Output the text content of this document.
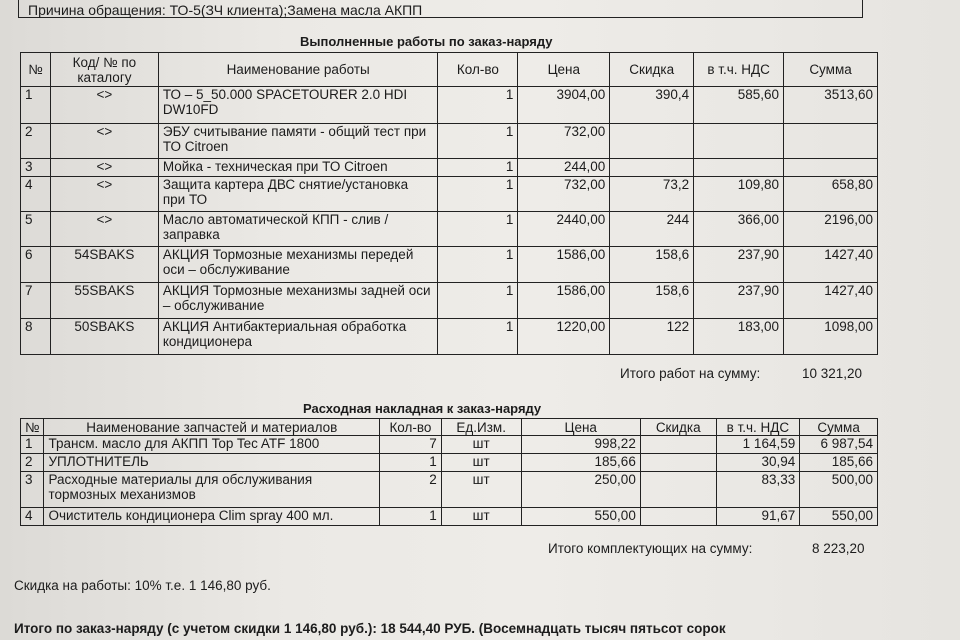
Причина обращения: ТО-5(ЗЧ клиента);Замена масла АКПП
Выполненные работы по заказ-наряду
№	Код/ № по каталогу	Наименование работы	Кол-во	Цена	Скидка	в т.ч. НДС	Сумма
1	<>	ТО – 5_50.000 SPACETOURER 2.0 HDI DW10FD	1	3904,00	390,4	585,60	3513,60
2	<>	ЭБУ считывание памяти - общий тест при ТО Citroen	1	732,00			
3	<>	Мойка - техническая при ТО Citroen	1	244,00			
4	<>	Защита картера ДВС снятие/установка при ТО	1	732,00	73,2	109,80	658,80
5	<>	Масло автоматической КПП - слив / заправка	1	2440,00	244	366,00	2196,00
6	54SBAKS	АКЦИЯ Тормозные механизмы передей оси – обслуживание	1	1586,00	158,6	237,90	1427,40
7	55SBAKS	АКЦИЯ Тормозные механизмы задней оси – обслуживание	1	1586,00	158,6	237,90	1427,40
8	50SBAKS	АКЦИЯ Антибактериальная обработка кондиционера	1	1220,00	122	183,00	1098,00
Итого работ на сумму:	10 321,20
Расходная накладная к заказ-наряду
№	Наименование запчастей и материалов	Кол-во	Ед.Изм.	Цена	Скидка	в т.ч. НДС	Сумма
1	Трансм. масло для АКПП Top Tec ATF 1800	7	шт	998,22		1 164,59	6 987,54
2	УПЛОТНИТЕЛЬ	1	шт	185,66		30,94	185,66
3	Расходные материалы для обслуживания тормозных механизмов	2	шт	250,00		83,33	500,00
4	Очиститель кондиционера Clim spray 400 мл.	1	шт	550,00		91,67	550,00
Итого комплектующих на сумму:	8 223,20
Скидка на работы: 10% т.е. 1 146,80 руб.
Итого по заказ-наряду (с учетом скидки 1 146,80 руб.): 18 544,40 РУБ. (Восемнадцать тысяч пятьсот сорок
